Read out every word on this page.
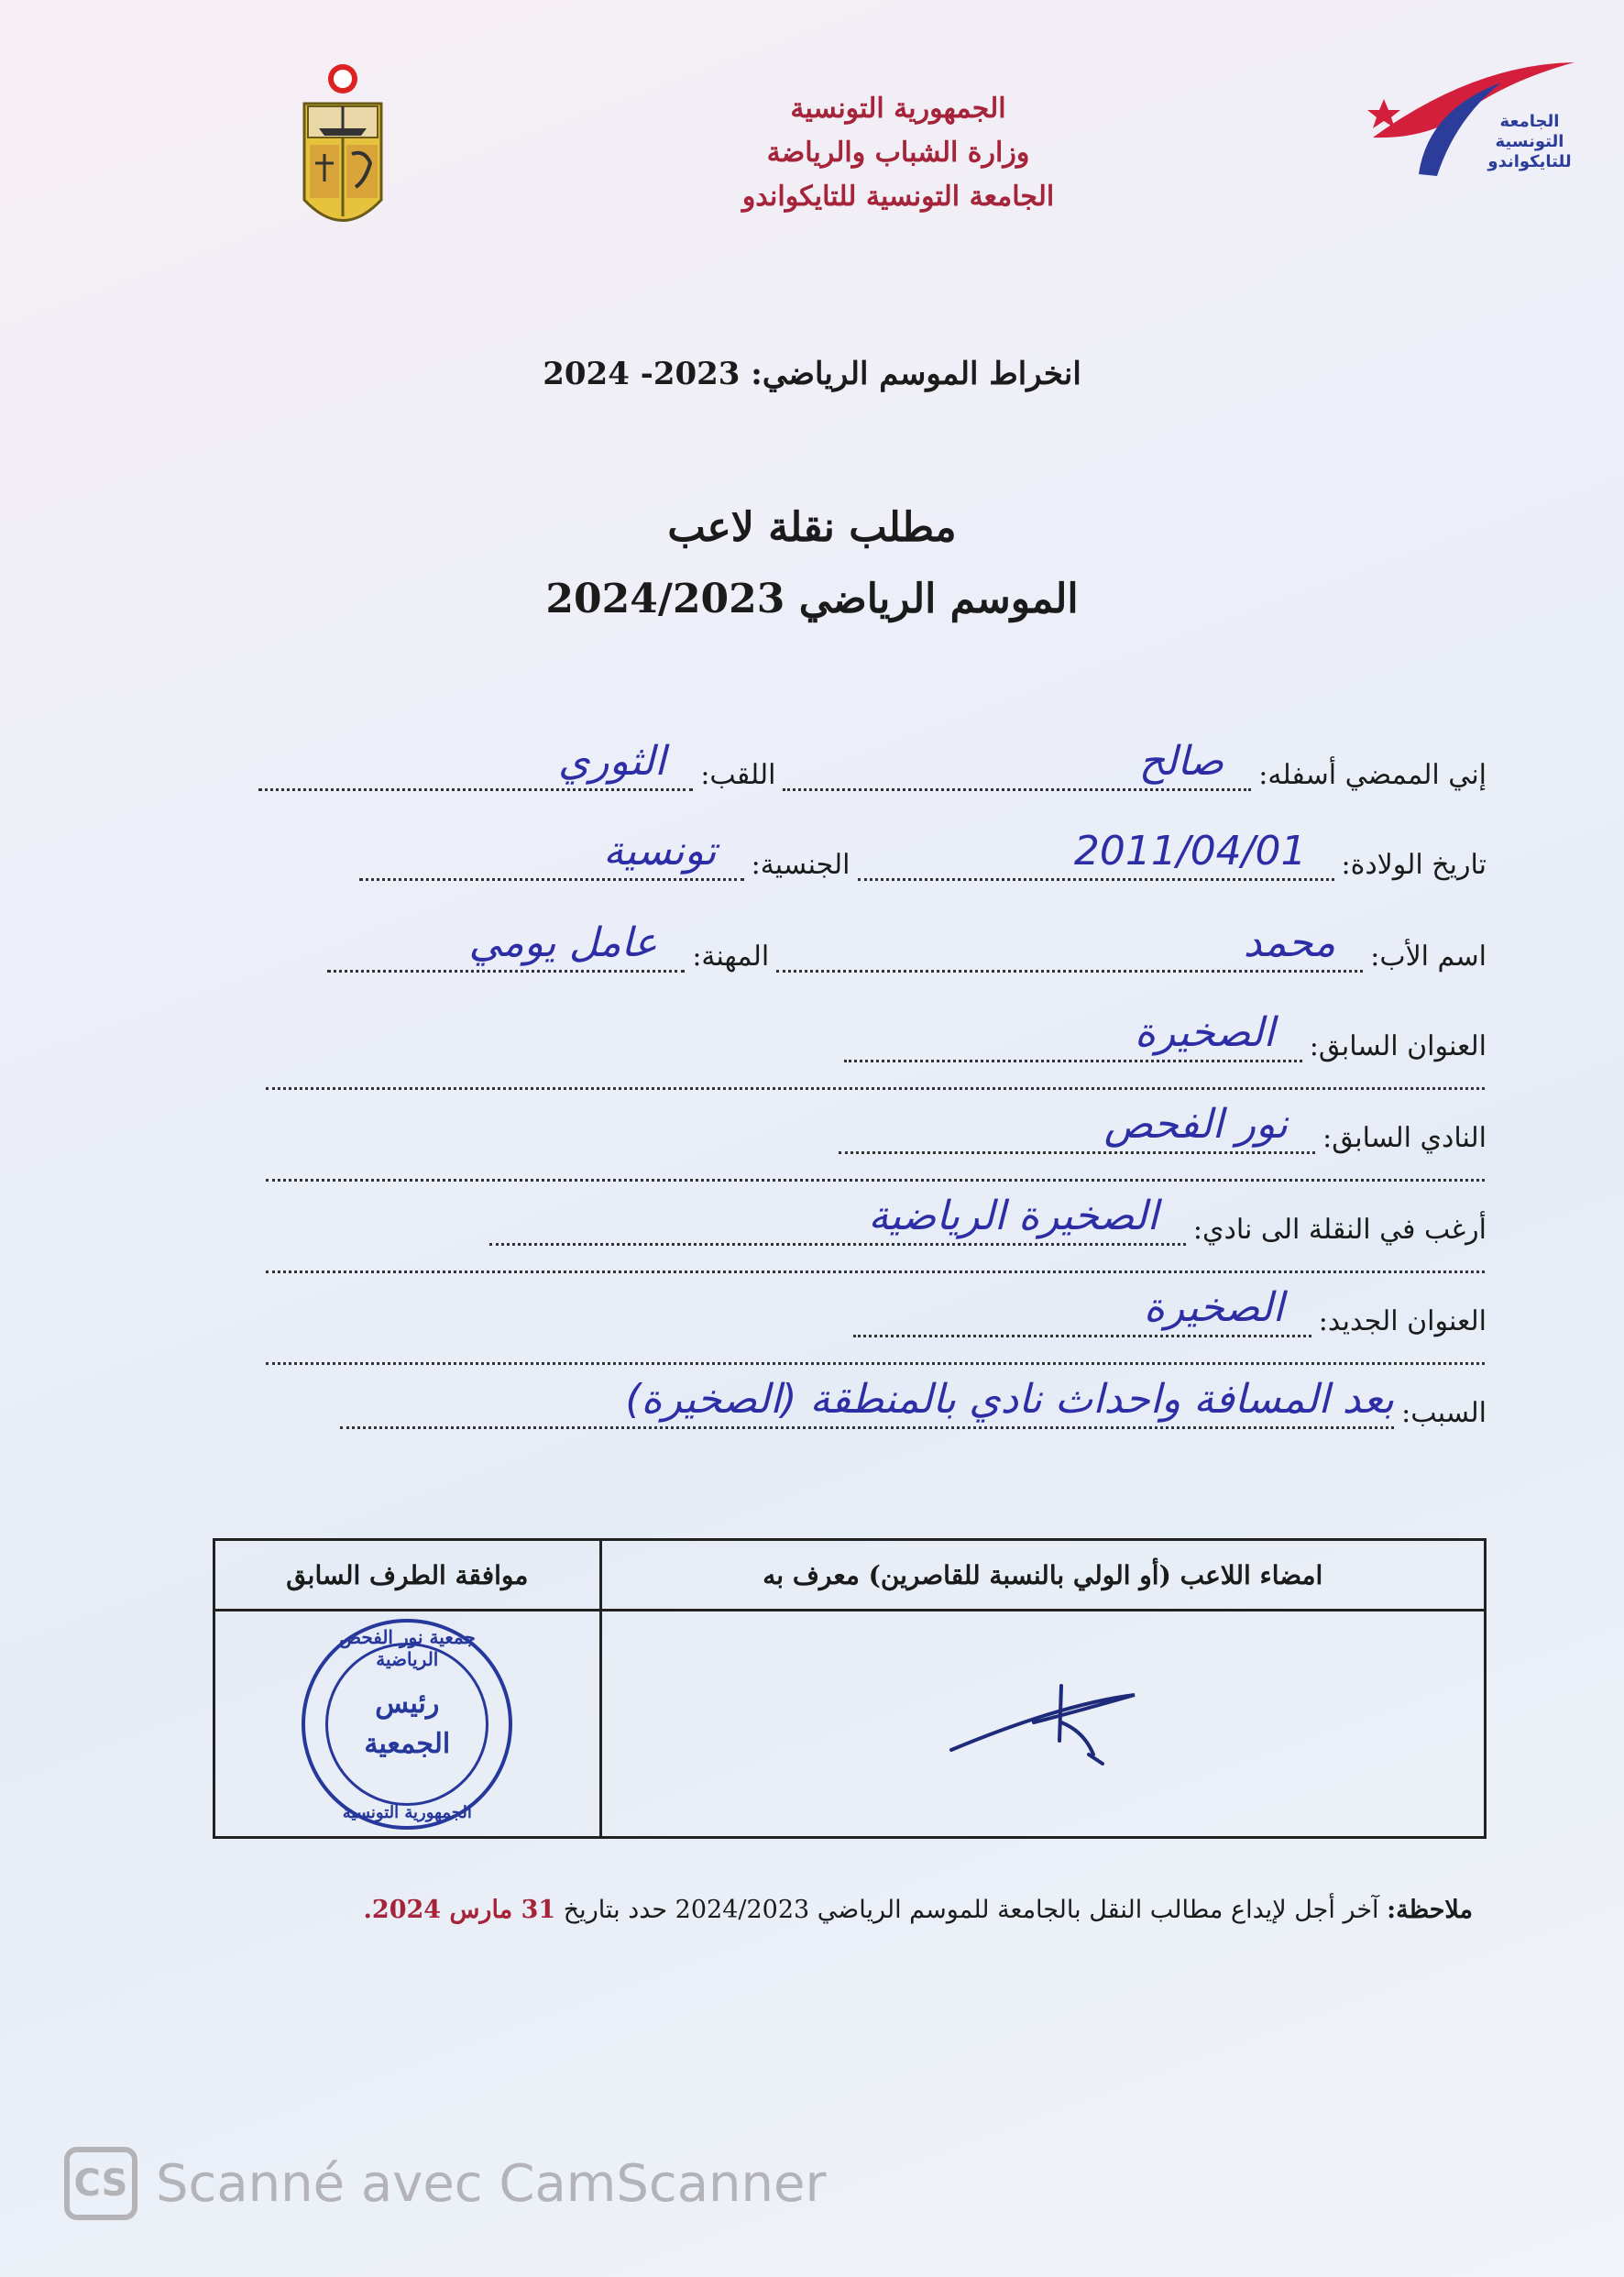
الجمهورية التونسية
وزارة الشباب والرياضة
الجامعة التونسية للتايكواندو
الجامعة
التونسية
للتايكواندو
انخراط الموسم الرياضي: 2023- 2024
مطلب نقلة لاعب
الموسم الرياضي 2024/2023
إني الممضي أسفله:
صالح
اللقب:
الثوري
تاريخ الولادة:
2011/04/01
الجنسية:
تونسية
اسم الأب:
محمد
المهنة:
عامل يومي
العنوان السابق:
الصخيرة
النادي السابق:
نور الفحص
أرغب في النقلة الى نادي:
الصخيرة الرياضية
العنوان الجديد:
الصخيرة
السبب:
بعد المسافة واحداث نادي بالمنطقة (الصخيرة)
امضاء اللاعب (أو الولي بالنسبة للقاصرين) معرف به	موافقة الطرف السابق

جمعية نور الفحص الرياضية
رئيس
الجمعية
الجمهورية التونسية
ملاحظة: آخر أجل لإيداع مطالب النقل بالجامعة للموسم الرياضي 2024/2023 حدد بتاريخ 31 مارس 2024.
CS Scanné avec CamScanner
